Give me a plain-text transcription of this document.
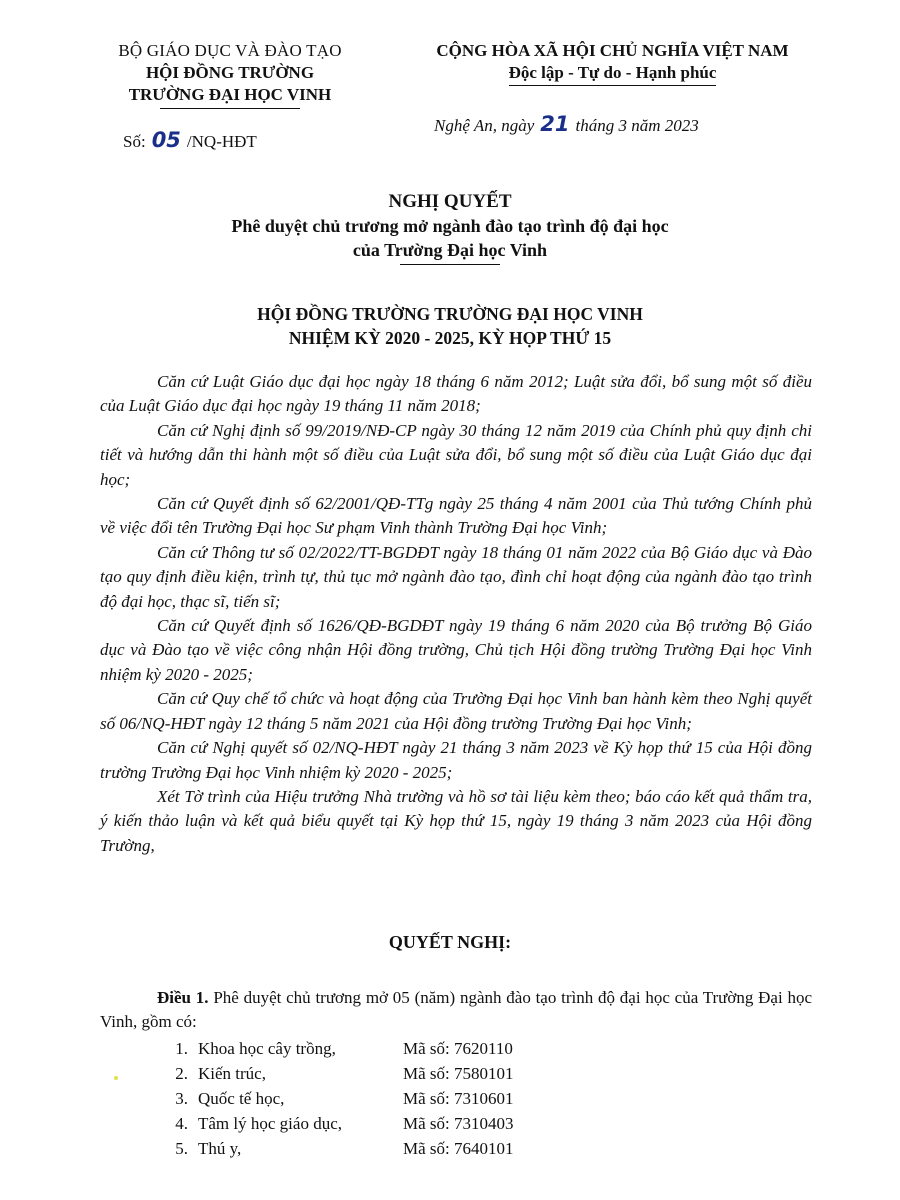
BỘ GIÁO DỤC VÀ ĐÀO TẠO
HỘI ĐỒNG TRƯỜNG
TRƯỜNG ĐẠI HỌC VINH
Số: 05 /NQ-HĐT
CỘNG HÒA XÃ HỘI CHỦ NGHĨA VIỆT NAM
Độc lập - Tự do - Hạnh phúc
Nghệ An, ngày 21 tháng 3 năm 2023
NGHỊ QUYẾT
Phê duyệt chủ trương mở ngành đào tạo trình độ đại học
của Trường Đại học Vinh
HỘI ĐỒNG TRƯỜNG TRƯỜNG ĐẠI HỌC VINH
NHIỆM KỲ 2020 - 2025, KỲ HỌP THỨ 15

Căn cứ Luật Giáo dục đại học ngày 18 tháng 6 năm 2012; Luật sửa đổi, bổ sung một số điều của Luật Giáo dục đại học ngày 19 tháng 11 năm 2018;

Căn cứ Nghị định số 99/2019/NĐ-CP ngày 30 tháng 12 năm 2019 của Chính phủ quy định chi tiết và hướng dẫn thi hành một số điều của Luật sửa đổi, bổ sung một số điều của Luật Giáo dục đại học;

Căn cứ Quyết định số 62/2001/QĐ-TTg ngày 25 tháng 4 năm 2001 của Thủ tướng Chính phủ về việc đổi tên Trường Đại học Sư phạm Vinh thành Trường Đại học Vinh;

Căn cứ Thông tư số 02/2022/TT-BGDĐT ngày 18 tháng 01 năm 2022 của Bộ Giáo dục và Đào tạo quy định điều kiện, trình tự, thủ tục mở ngành đào tạo, đình chỉ hoạt động của ngành đào tạo trình độ đại học, thạc sĩ, tiến sĩ;

Căn cứ Quyết định số 1626/QĐ-BGDĐT ngày 19 tháng 6 năm 2020 của Bộ trưởng Bộ Giáo dục và Đào tạo về việc công nhận Hội đồng trường, Chủ tịch Hội đồng trường Trường Đại học Vinh nhiệm kỳ 2020 - 2025;

Căn cứ Quy chế tổ chức và hoạt động của Trường Đại học Vinh ban hành kèm theo Nghị quyết số 06/NQ-HĐT ngày 12 tháng 5 năm 2021 của Hội đồng trường Trường Đại học Vinh;

Căn cứ Nghị quyết số 02/NQ-HĐT ngày 21 tháng 3 năm 2023 về Kỳ họp thứ 15 của Hội đồng trường Trường Đại học Vinh nhiệm kỳ 2020 - 2025;

Xét Tờ trình của Hiệu trưởng Nhà trường và hồ sơ tài liệu kèm theo; báo cáo kết quả thẩm tra, ý kiến thảo luận và kết quả biểu quyết tại Kỳ họp thứ 15, ngày 19 tháng 3 năm 2023 của Hội đồng Trường,

QUYẾT NGHỊ:

Điều 1. Phê duyệt chủ trương mở 05 (năm) ngành đào tạo trình độ đại học của Trường Đại học Vinh, gồm có:

1. Khoa học cây trồng,	Mã số: 7620110
2. Kiến trúc,	Mã số: 7580101
3. Quốc tế học,	Mã số: 7310601
4. Tâm lý học giáo dục,	Mã số: 7310403
5. Thú y,	Mã số: 7640101
